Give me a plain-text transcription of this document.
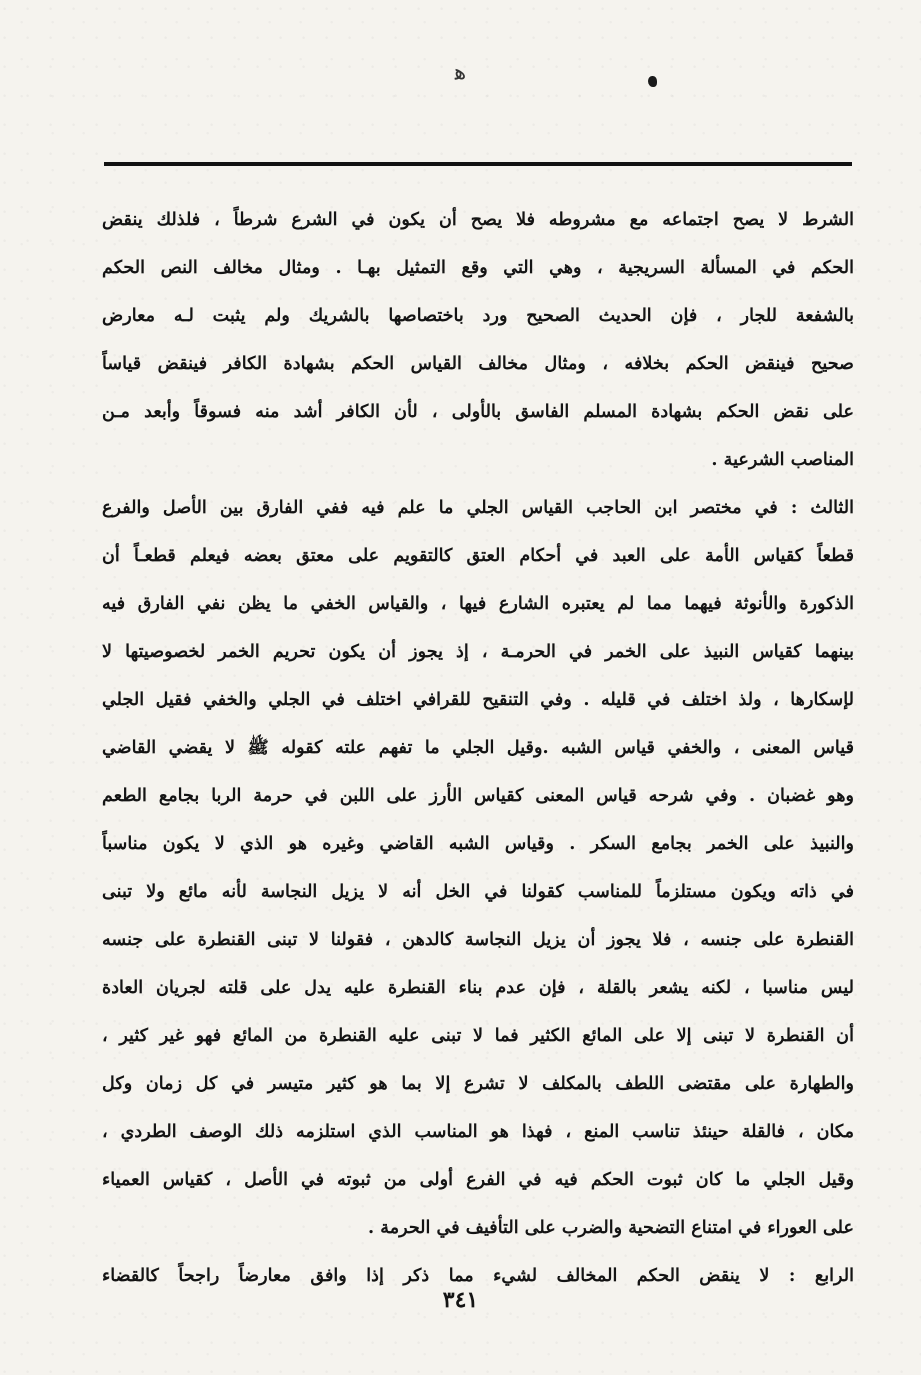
ﻫ
الشرط لا يصح اجتماعه مع مشروطه فلا يصح أن يكون في الشرع شرطاً ، فلذلك ينقض
الحكم في المسألة السريجية ، وهي التي وقع التمثيل بهـا . ومثال مخالف النص الحكم
بالشفعة للجار ، فإن الحديث الصحيح ورد باختصاصها بالشريك ولم يثبت لـه معارض
صحيح فينقض الحكم بخلافه ، ومثال مخالف القياس الحكم بشهادة الكافر فينقض قياساً
على نقض الحكم بشهادة المسلم الفاسق بالأولى ، لأن الكافر أشد منه فسوقاً وأبعد مـن
المناصب الشرعية .
الثالث : في مختصر ابن الحاجب القياس الجلي ما علم فيه ففي الفارق بين الأصل والفرع
قطعاً كقياس الأمة على العبد في أحكام العتق كالتقويم على معتق بعضه فيعلم قطعـاً أن
الذكورة والأنوثة فيهما مما لم يعتبره الشارع فيها ، والقياس الخفي ما يظن نفي الفارق فيه
بينهما كقياس النبيذ على الخمر في الحرمـة ، إذ يجوز أن يكون تحريم الخمر لخصوصيتها لا
لإسكارها ، ولذ اختلف في قليله . وفي التنقيح للقرافي اختلف في الجلي والخفي فقيل الجلي
قياس المعنى ، والخفي قياس الشبه .وقيل الجلي ما تفهم علته كقوله ﷺ لا يقضي القاضي
وهو غضبان . وفي شرحه قياس المعنى كقياس الأرز على اللبن في حرمة الربا بجامع الطعم
والنبيذ على الخمر بجامع السكر . وقياس الشبه القاضي وغيره هو الذي لا يكون مناسباً
في ذاته ويكون مستلزماً للمناسب كقولنا في الخل أنه لا يزيل النجاسة لأنه مائع ولا تبنى
القنطرة على جنسه ، فلا يجوز أن يزيل النجاسة كالدهن ، فقولنا لا تبنى القنطرة على جنسه
ليس مناسبا ، لكنه يشعر بالقلة ، فإن عدم بناء القنطرة عليه يدل على قلته لجريان العادة
أن القنطرة لا تبنى إلا على المائع الكثير فما لا تبنى عليه القنطرة من المائع فهو غير كثير ،
والطهارة على مقتضى اللطف بالمكلف لا تشرع إلا بما هو كثير متيسر في كل زمان وكل
مكان ، فالقلة حينئذ تناسب المنع ، فهذا هو المناسب الذي استلزمه ذلك الوصف الطردي ،
وقيل الجلي ما كان ثبوت الحكم فيه في الفرع أولى من ثبوته في الأصل ، كقياس العمياء
على العوراء في امتناع التضحية والضرب على التأفيف في الحرمة .
الرابع : لا ينقض الحكم المخالف لشيء مما ذكر إذا وافق معارضاً راجحاً كالقضاء
٣٤١
